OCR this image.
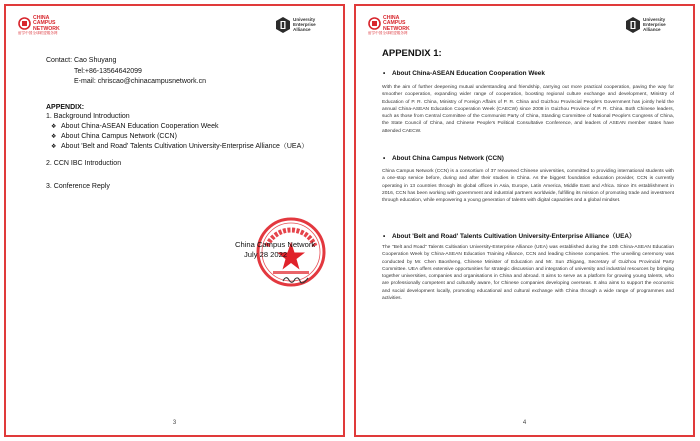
CHINA
CAMPUS
NETWORK
留学中国全球联盟服务网
University
Enterprise
Alliance
Contact: Cao Shuyang
Tel:+86-13564642099
E-mail: chriscao@chinacampusnetwork.cn
APPENDIX:
1. Background Introduction
❖ About China-ASEAN Education Cooperation Week
❖ About China Campus Network (CCN)
❖ About 'Belt and Road' Talents Cultivation University-Enterprise Alliance（UEA）
2. CCN IBC Introduction
3. Conference Reply
China Campus Network
July 28 2022
3
CHINA
CAMPUS
NETWORK
留学中国全球联盟服务网
University
Enterprise
Alliance
APPENDIX 1:
• About China-ASEAN Education Cooperation Week
With the aim of further deepening mutual understanding and friendship, carrying out more practical cooperation, paving the way for smoother cooperation, expanding wider range of cooperation, boosting regional culture exchange and development, Ministry of Education of P. R. China, Ministry of Foreign Affairs of P. R. China and Guizhou Provincial People's Government has jointly held the annual China-ASEAN Education Cooperation Week (CAECW) since 2008 in Guizhou Province of P. R. China. Both Chinese leaders, such as those from Central Committee of the Communist Party of China, Standing Committee of National People's Congress of China, the State Council of China, and Chinese People's Political Consultative Conference, and leaders of ASEAN member states have attended CAECW.
• About China Campus Network (CCN)
China Campus Network (CCN) is a consortium of 37 renowned Chinese universities, committed to providing international students with a one-stop service before, during and after their studies in China. As the biggest foundation education provider, CCN is currently operating in 13 countries through its global offices in Asia, Europe, Latin America, Middle East and Africa. Since it's establishment in 2016, CCN has been working with government and industrial partners worldwide, fulfilling its mission of promoting trade and investment through education, while empowering a young generation of talents with digital capacities and a global mindset.
• About 'Belt and Road' Talents Cultivation University-Enterprise Alliance（UEA）
The "Belt and Road" Talents Cultivation University-Enterprise Alliance (UEA) was established during the 10th China-ASEAN Education Cooperation Week by China-ASEAN Education Training Alliance, CCN and leading Chinese companies. The unveiling ceremony was conducted by Mr. Chen Baosheng, Chinese Minister of Education and Mr. Sun Zhigang, Secretary of Guizhou Provincial Party Committee. UEA offers extensive opportunities for strategic discussion and integration of university and industrial resources by bringing together universities, companies and organisations in China and abroad. It aims to serve as a platform for growing young talents, who are professionally competent and culturally aware, for Chinese companies developing overseas. It also aims to support the economic and social development locally, promoting educational and cultural exchange with China through a wide range of programmes and activities.
4
